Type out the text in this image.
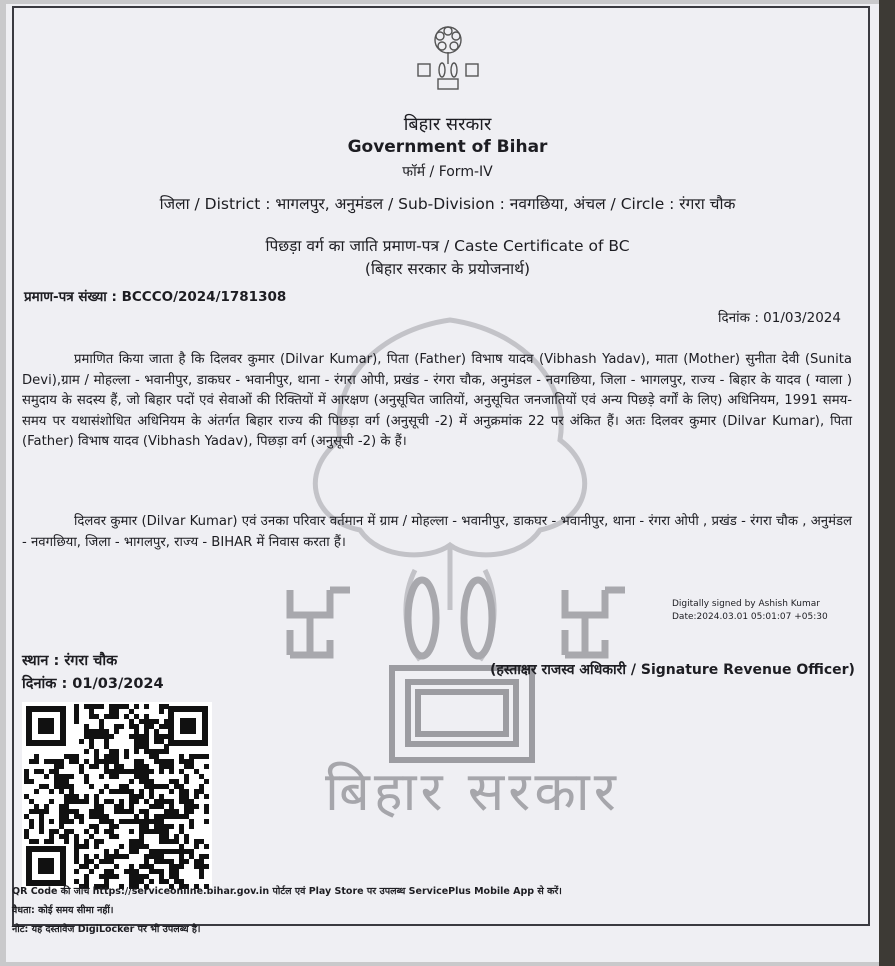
बिहार सरकार
बिहार सरकार
Government of Bihar
फॉर्म / Form-IV
जिला / District : भागलपुर, अनुमंडल / Sub-Division : नवगछिया, अंचल / Circle : रंगरा चौक
पिछड़ा वर्ग का जाति प्रमाण-पत्र / Caste Certificate of BC
(बिहार सरकार के प्रयोजनार्थ)
प्रमाण-पत्र संख्या : BCCCO/2024/1781308
दिनांक : 01/03/2024
प्रमाणित किया जाता है कि दिलवर कुमार (Dilvar Kumar), पिता (Father) विभाष यादव (Vibhash Yadav), माता (Mother) सुनीता देवी (Sunita Devi),ग्राम / मोहल्ला - भवानीपुर, डाकघर - भवानीपुर, थाना - रंगरा ओपी, प्रखंड - रंगरा चौक, अनुमंडल - नवगछिया, जिला - भागलपुर, राज्य - बिहार के यादव ( ग्वाला ) समुदाय के सदस्य हैं, जो बिहार पदों एवं सेवाओं की रिक्तियों में आरक्षण (अनुसूचित जातियों, अनुसूचित जनजातियों एवं अन्य पिछड़े वर्गों के लिए) अधिनियम, 1991 समय-समय पर यथासंशोधित अधिनियम के अंतर्गत बिहार राज्य की पिछड़ा वर्ग (अनुसूची -2) में अनुक्रमांक 22 पर अंकित हैं। अतः दिलवर कुमार (Dilvar Kumar), पिता (Father) विभाष यादव (Vibhash Yadav), पिछड़ा वर्ग (अनुसूची -2) के हैं।
दिलवर कुमार (Dilvar Kumar) एवं उनका परिवार वर्तमान में ग्राम / मोहल्ला - भवानीपुर, डाकघर - भवानीपुर, थाना - रंगरा ओपी , प्रखंड - रंगरा चौक , अनुमंडल - नवगछिया, जिला - भागलपुर, राज्य - BIHAR में निवास करता हैं।
Digitally signed by Ashish Kumar
Date:2024.03.01 05:01:07 +05:30
स्थान : रंगरा चौक
दिनांक : 01/03/2024
(हस्ताक्षर राजस्व अधिकारी / Signature Revenue Officer)
QR Code की जाँच https://serviceonline.bihar.gov.in पोर्टल एवं Play Store पर उपलब्ध ServicePlus Mobile App से करें।
वैधता: कोई समय सीमा नहीं।
नोट: यह दस्तावेज DigiLocker पर भी उपलब्ध है।
